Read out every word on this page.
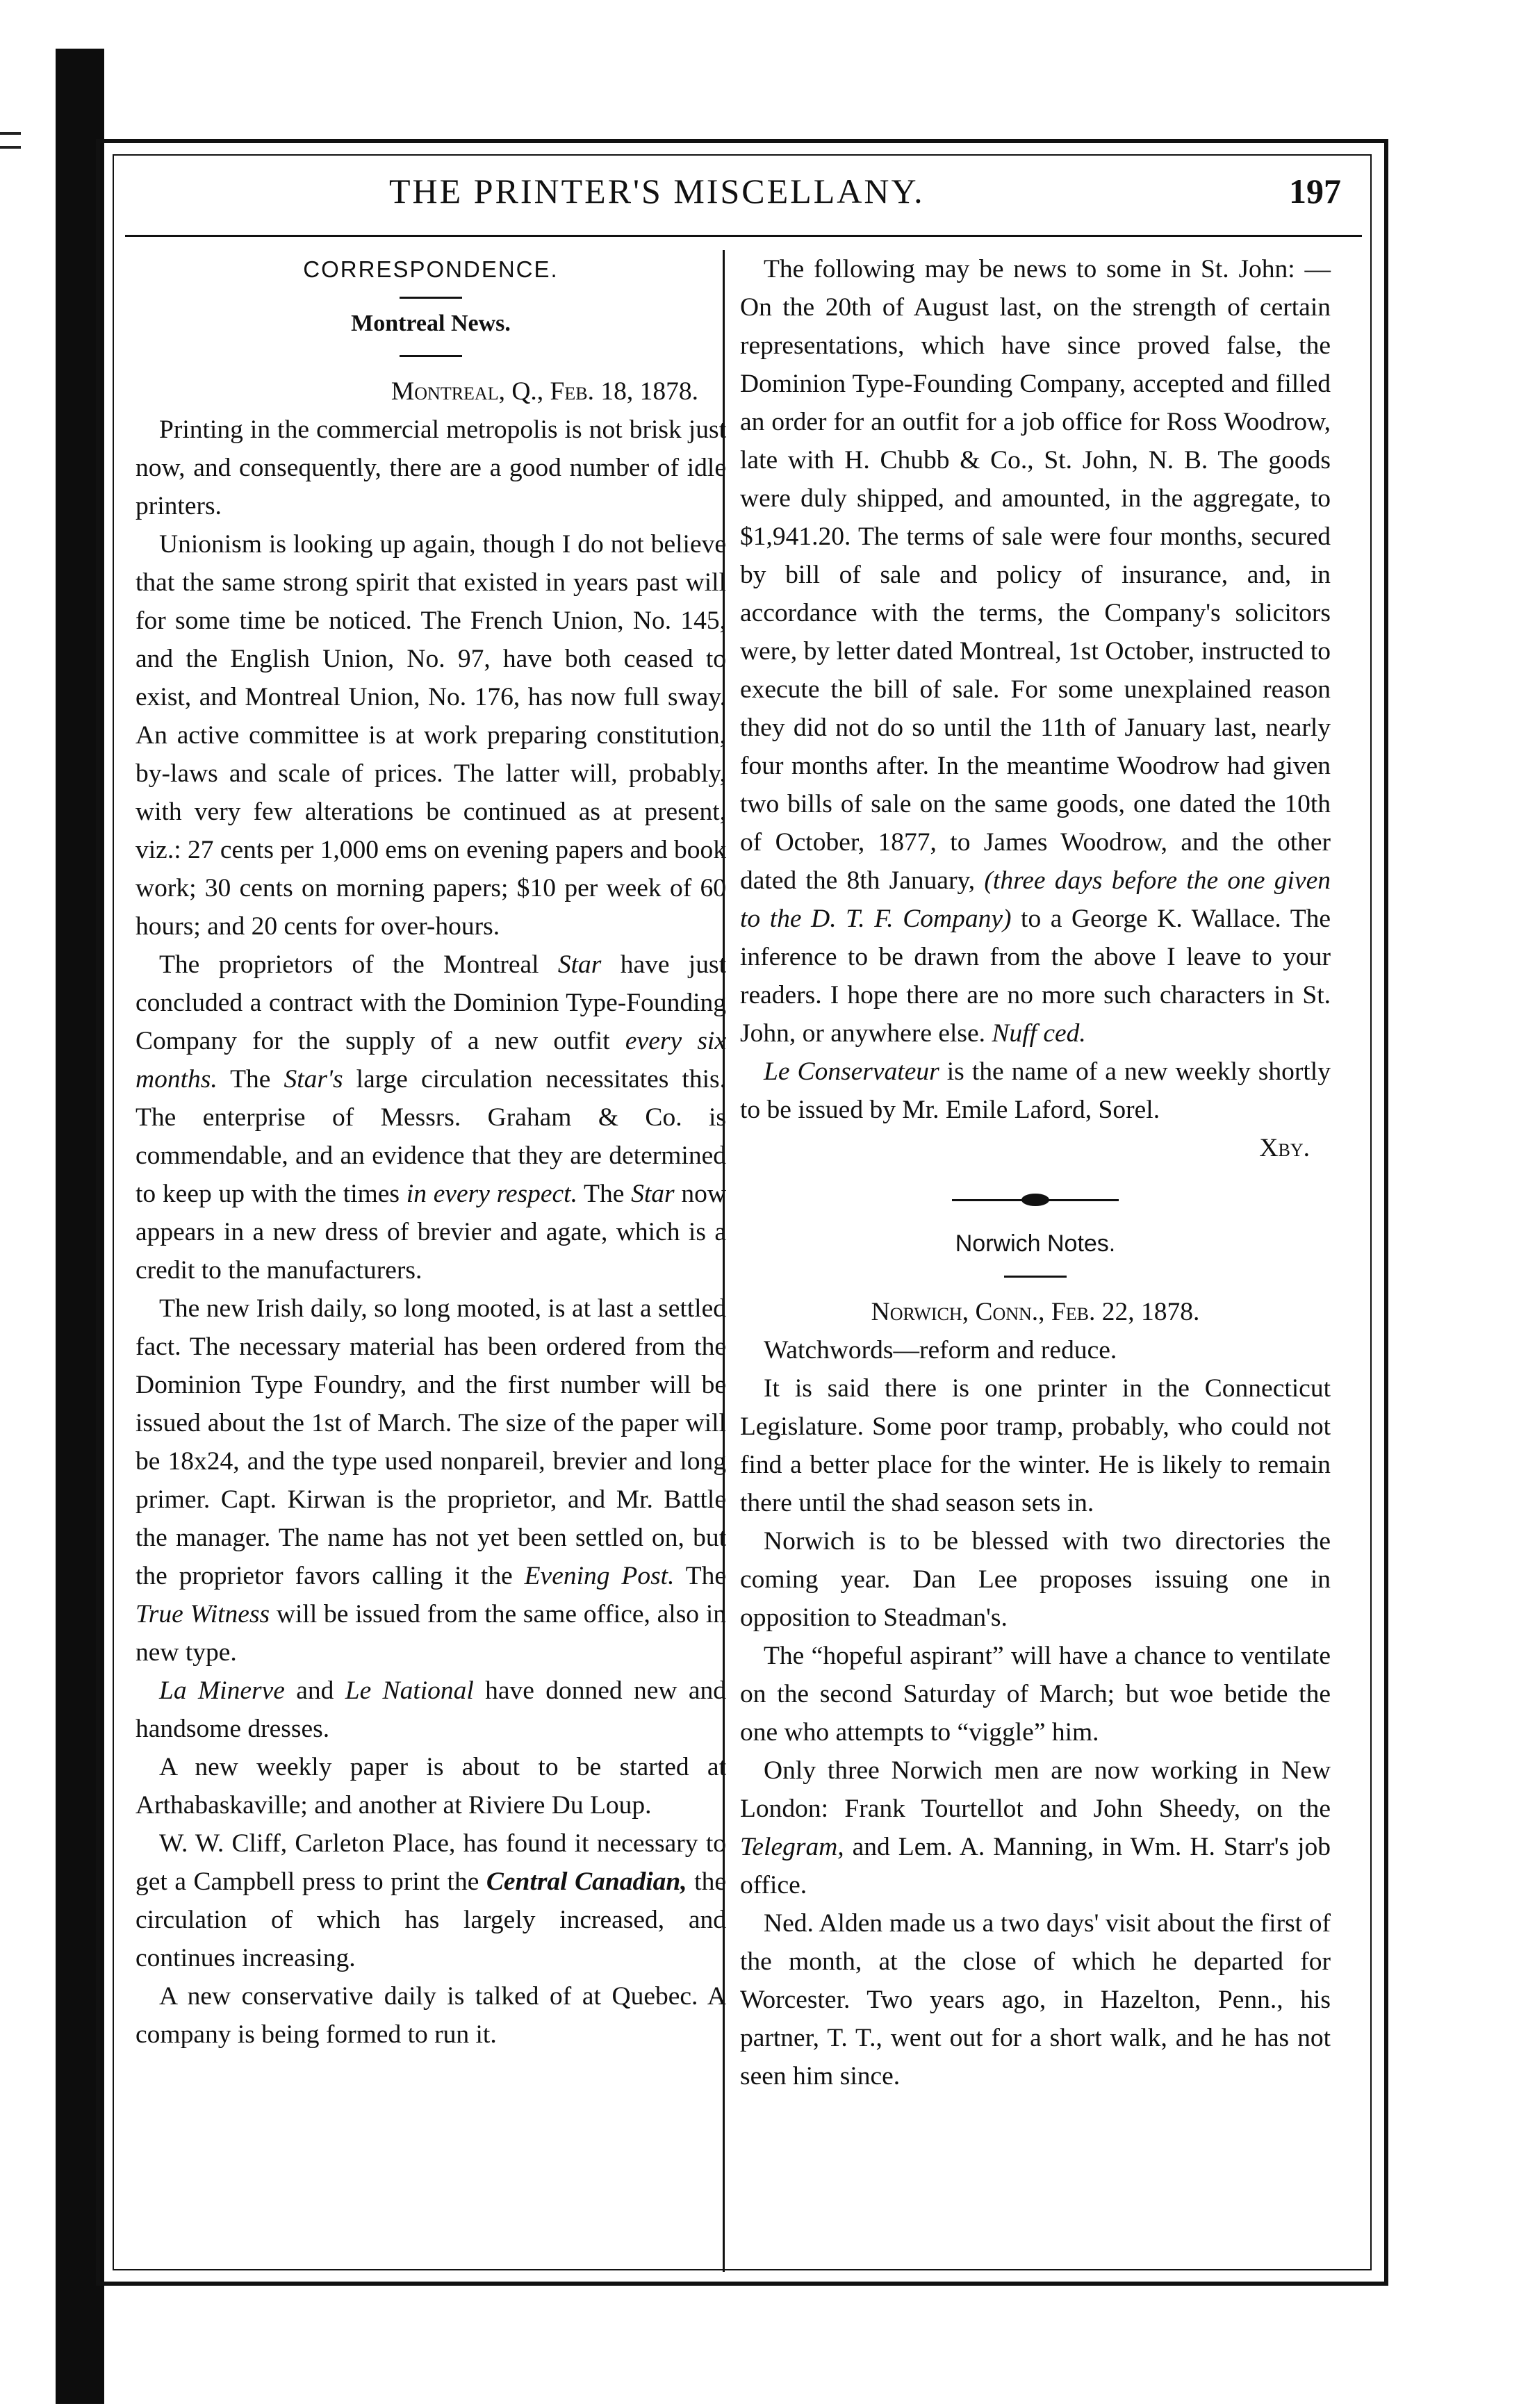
THE PRINTER'S MISCELLANY.	197

CORRESPONDENCE.

Montreal News.

Montreal, Q., Feb. 18, 1878.

Printing in the commercial metropolis is not brisk just now, and consequently, there are a good number of idle printers.

Unionism is looking up again, though I do not believe that the same strong spirit that existed in years past will for some time be noticed. The French Union, No. 145, and the English Union, No. 97, have both ceased to exist, and Montreal Union, No. 176, has now full sway. An active committee is at work preparing constitution, by-laws and scale of prices. The latter will, probably, with very few alterations be continued as at present, viz.: 27 cents per 1,000 ems on evening papers and book work; 30 cents on morning papers; $10 per week of 60 hours; and 20 cents for over-hours.

The proprietors of the Montreal Star have just concluded a contract with the Dominion Type-Founding Company for the supply of a new outfit every six months. The Star's large circulation necessitates this. The enterprise of Messrs. Graham & Co. is commendable, and an evidence that they are determined to keep up with the times in every respect. The Star now appears in a new dress of brevier and agate, which is a credit to the manufacturers.

The new Irish daily, so long mooted, is at last a settled fact. The necessary material has been ordered from the Dominion Type Foundry, and the first number will be issued about the 1st of March. The size of the paper will be 18x24, and the type used nonpareil, brevier and long primer. Capt. Kirwan is the proprietor, and Mr. Battle the manager. The name has not yet been settled on, but the proprietor favors calling it the Evening Post. The True Witness will be issued from the same office, also in new type.

La Minerve and Le National have donned new and handsome dresses.

A new weekly paper is about to be started at Arthabaskaville; and another at Riviere Du Loup.

W. W. Cliff, Carleton Place, has found it necessary to get a Campbell press to print the Central Canadian, the circulation of which has largely increased, and continues increasing.

A new conservative daily is talked of at Quebec. A company is being formed to run it.

The following may be news to some in St. John: — On the 20th of August last, on the strength of certain representations, which have since proved false, the Dominion Type-Founding Company, accepted and filled an order for an outfit for a job office for Ross Woodrow, late with H. Chubb & Co., St. John, N. B. The goods were duly shipped, and amounted, in the aggregate, to $1,941.20. The terms of sale were four months, secured by bill of sale and policy of insurance, and, in accordance with the terms, the Company's solicitors were, by letter dated Montreal, 1st October, instructed to execute the bill of sale. For some unexplained reason they did not do so until the 11th of January last, nearly four months after. In the meantime Woodrow had given two bills of sale on the same goods, one dated the 10th of October, 1877, to James Woodrow, and the other dated the 8th January, (three days before the one given to the D. T. F. Company) to a George K. Wallace. The inference to be drawn from the above I leave to your readers. I hope there are no more such characters in St. John, or anywhere else. Nuff ced.

Le Conservateur is the name of a new weekly shortly to be issued by Mr. Emile Laford, Sorel.

Xby.

Norwich Notes.

Norwich, Conn., Feb. 22, 1878.

Watchwords—reform and reduce.

It is said there is one printer in the Connecticut Legislature. Some poor tramp, probably, who could not find a better place for the winter. He is likely to remain there until the shad season sets in.

Norwich is to be blessed with two directories the coming year. Dan Lee proposes issuing one in opposition to Steadman's.

The “hopeful aspirant” will have a chance to ventilate on the second Saturday of March; but woe betide the one who attempts to “viggle” him.

Only three Norwich men are now working in New London: Frank Tourtellot and John Sheedy, on the Telegram, and Lem. A. Manning, in Wm. H. Starr's job office.

Ned. Alden made us a two days' visit about the first of the month, at the close of which he departed for Worcester. Two years ago, in Hazelton, Penn., his partner, T. T., went out for a short walk, and he has not seen him since.
